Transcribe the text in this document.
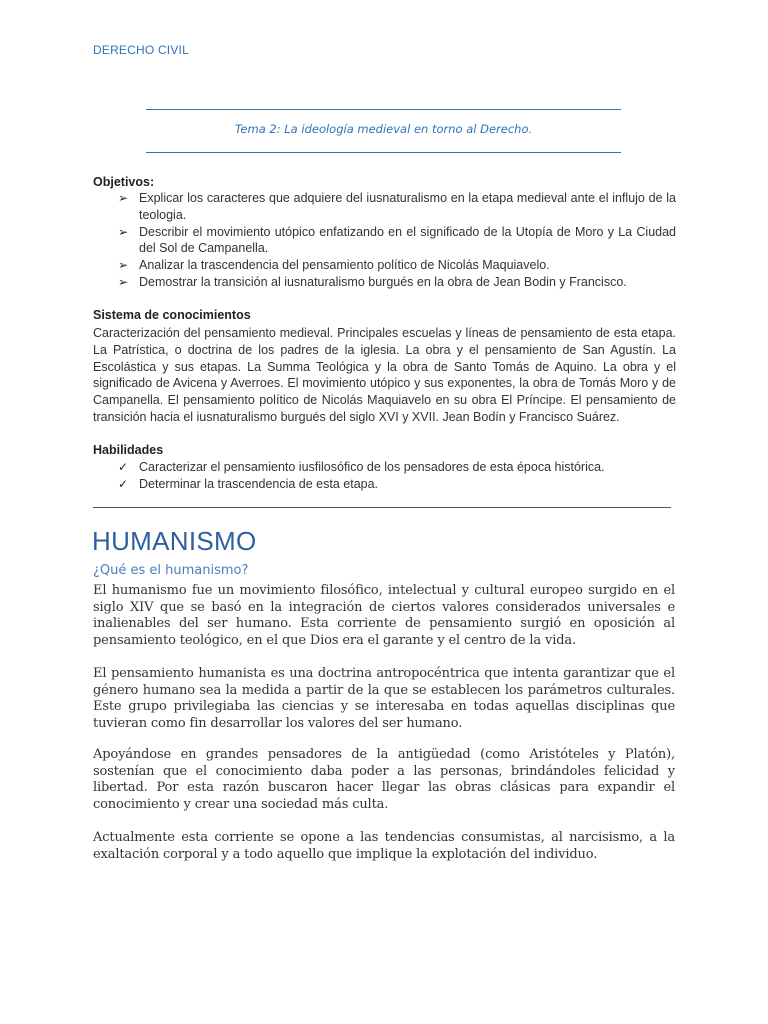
DERECHO CIVIL
Tema 2: La ideología medieval en torno al Derecho.
Objetivos:
➢ Explicar los caracteres que adquiere del iusnaturalismo en la etapa medieval ante el influjo de la teologia.
➢ Describir el movimiento utópico enfatizando en el significado de la Utopía de Moro y La Ciudad del Sol de Campanella.
➢ Analizar la trascendencia del pensamiento político de Nicolás Maquiavelo.
➢ Demostrar la transición al iusnaturalismo burgués en la obra de Jean Bodin y Francisco.
Sistema de conocimientos

Caracterización del pensamiento medieval. Principales escuelas y líneas de pensamiento de esta etapa. La Patrística, o doctrina de los padres de la iglesia. La obra y el pensamiento de San Agustín. La Escolástica y sus etapas. La Summa Teológica y la obra de Santo Tomás de Aquino. La obra y el significado de Avicena y Averroes. El movimiento utópico y sus exponentes, la obra de Tomás Moro y de Campanella. El pensamiento político de Nicolás Maquiavelo en su obra El Príncipe. El pensamiento de transición hacia el iusnaturalismo burgués del siglo XVI y XVII. Jean Bodín y Francisco Suárez.

Habilidades
✓ Caracterizar el pensamiento iusfilosófico de los pensadores de esta época histórica.
✓ Determinar la trascendencia de esta etapa.
HUMANISMO
¿Qué es el humanismo?

El humanismo fue un movimiento filosófico, intelectual y cultural europeo surgido en el siglo XIV que se basó en la integración de ciertos valores considerados universales e inalienables del ser humano. Esta corriente de pensamiento surgió en oposición al pensamiento teológico, en el que Dios era el garante y el centro de la vida.

El pensamiento humanista es una doctrina antropocéntrica que intenta garantizar que el género humano sea la medida a partir de la que se establecen los parámetros culturales. Este grupo privilegiaba las ciencias y se interesaba en todas aquellas disciplinas que tuvieran como fin desarrollar los valores del ser humano.

Apoyándose en grandes pensadores de la antigüedad (como Aristóteles y Platón), sostenían que el conocimiento daba poder a las personas, brindándoles felicidad y libertad. Por esta razón buscaron hacer llegar las obras clásicas para expandir el conocimiento y crear una sociedad más culta.

Actualmente esta corriente se opone a las tendencias consumistas, al narcisismo, a la exaltación corporal y a todo aquello que implique la explotación del individuo.
